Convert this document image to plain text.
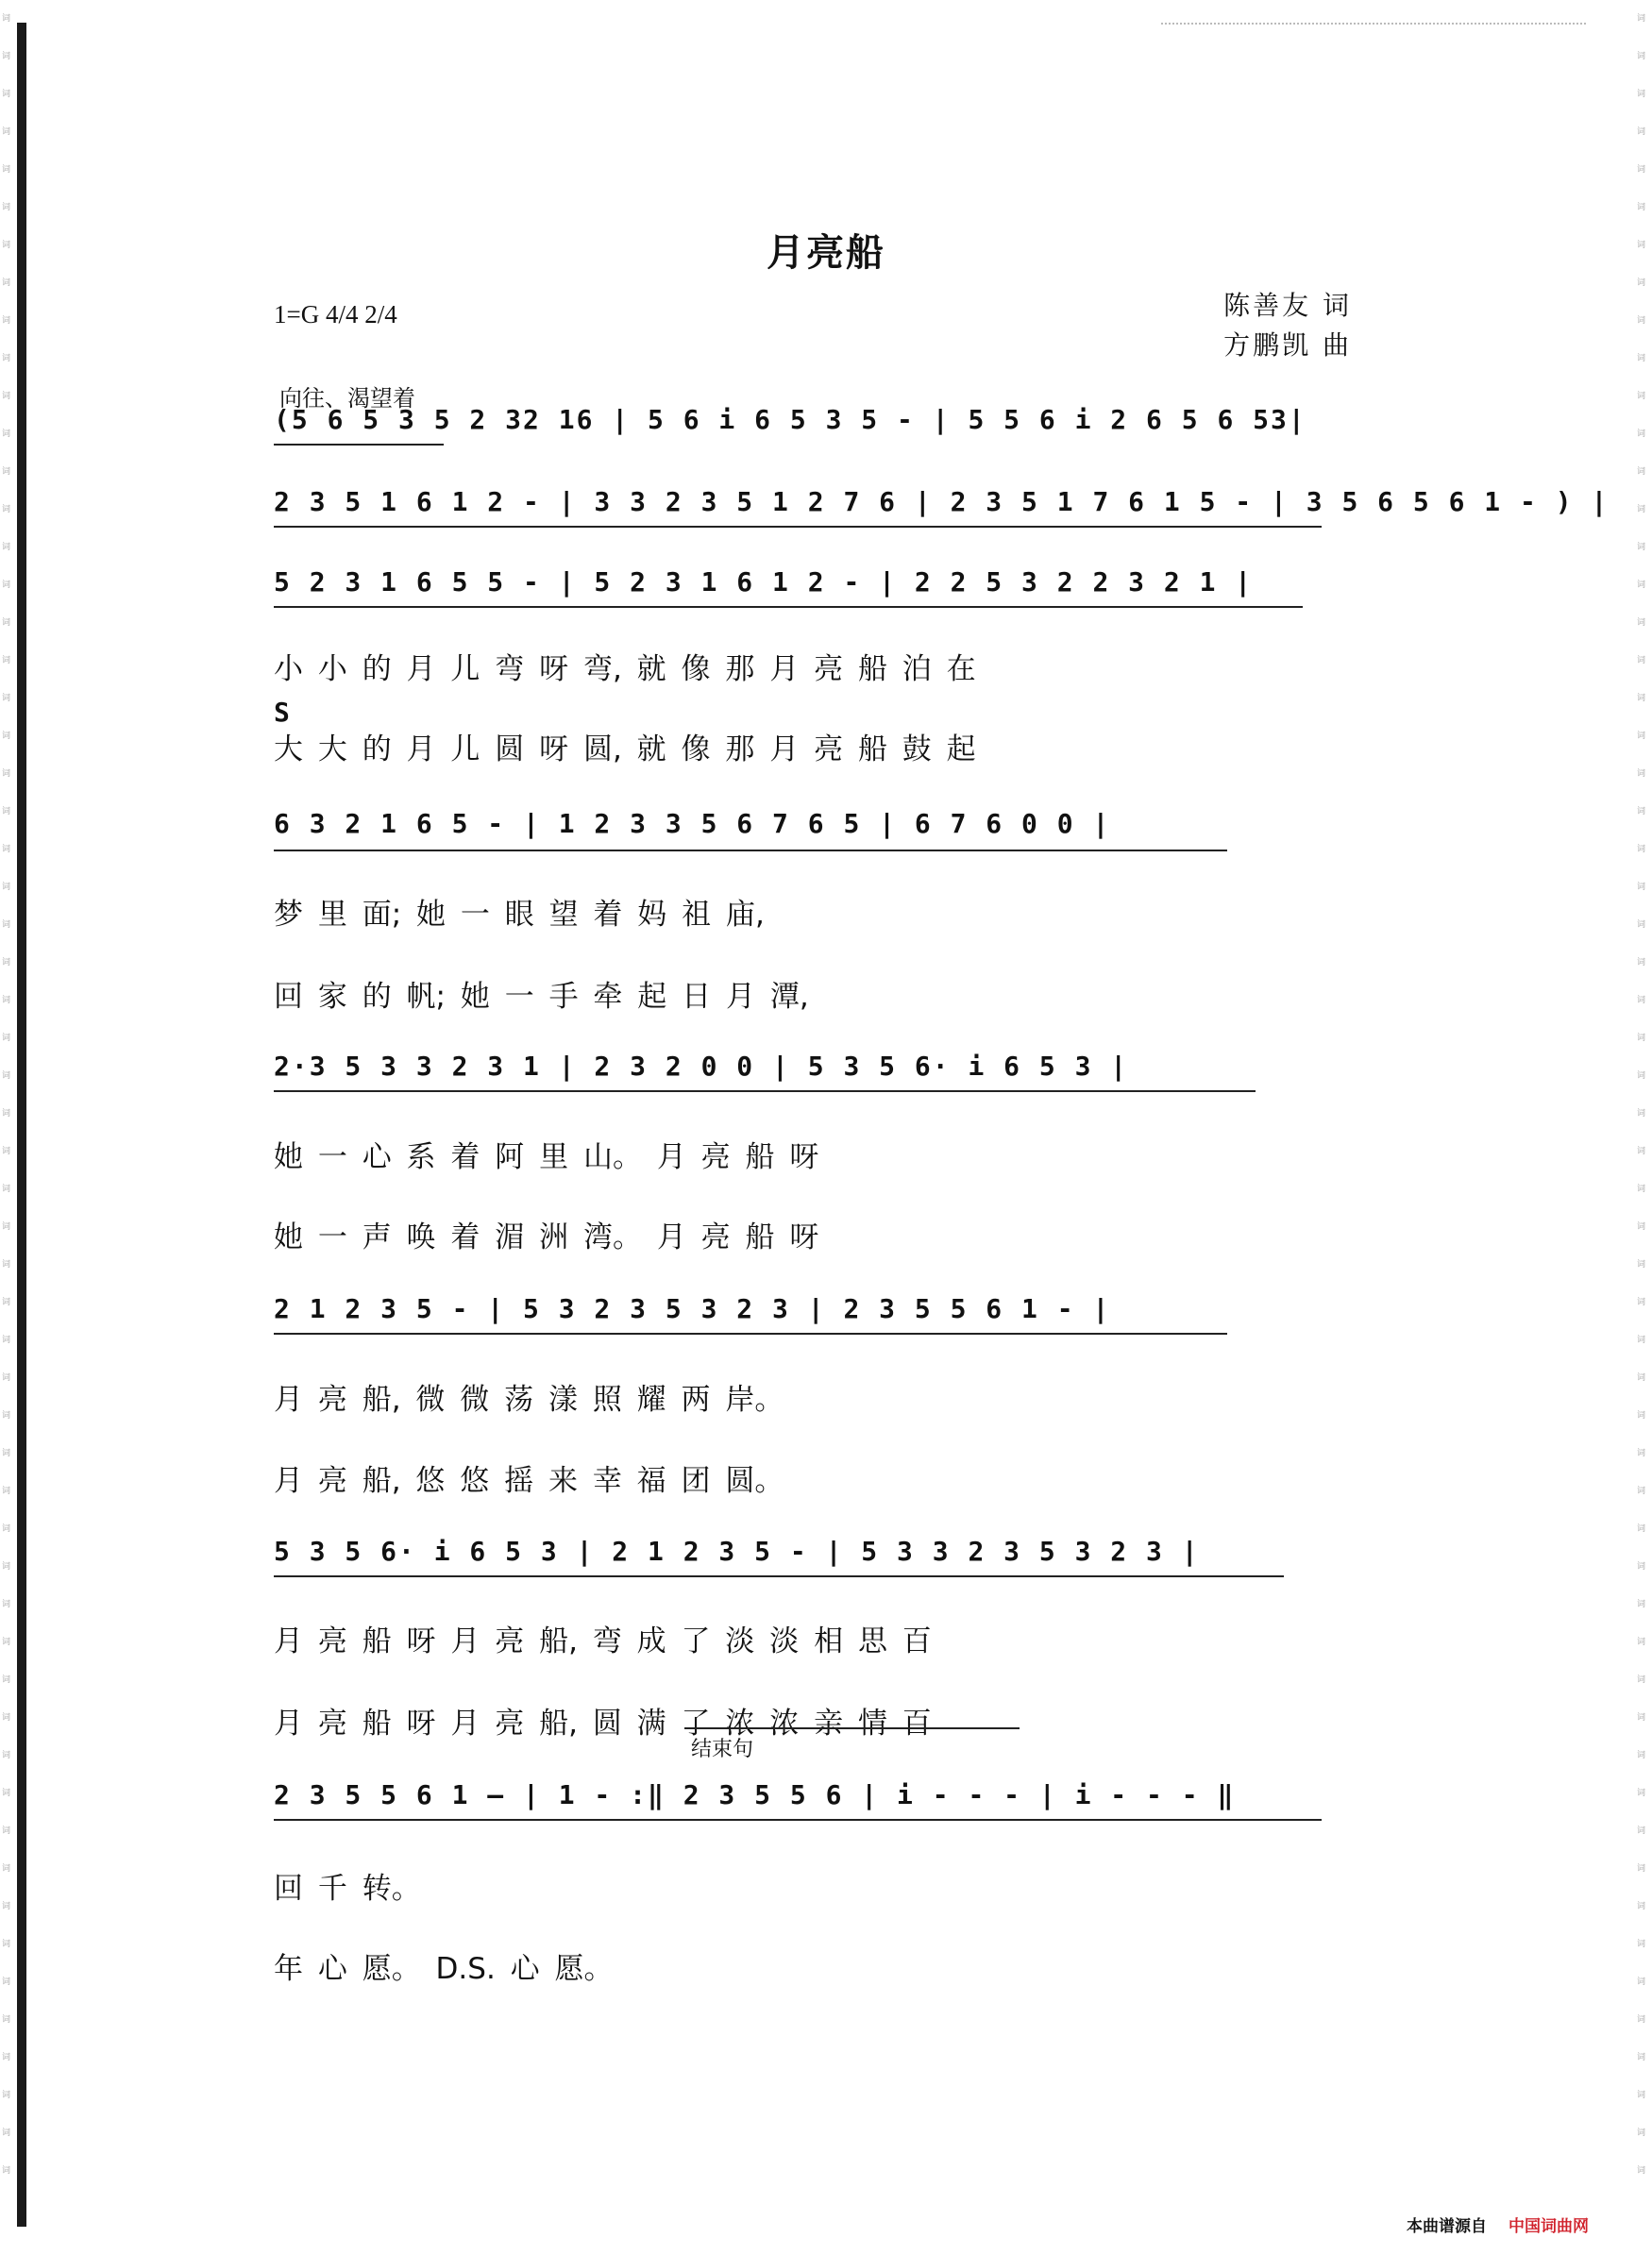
词
词
词
词
词
词
词
词
词
词
词
词
词
词
词
词
词
词
词
词
词
词
词
词
词
词
词
词
词
词
词
词
词
词
词
词
词
词
词
词
词
词
词
词
词
词
词
词
词
词
词
词
词
词
词
词
词
词
词
词
词
词
词
词
词
词
词
词
词
词
词
词
词
词
词
词
词
词
词
词
词
词
词
词
词
词
词
词
词
词
词
词
词
词
词
词
词
词
词
词
词
词
词
词
词
词
词
词
词
词
词
词
词
词
词
词
月亮船
1=G 4/4 2/4	陈善友 词
方鹏凯 曲
向往、渴望着
(5 6 5 3 5 2 32 16 | 5 6 i 6 5 3 5 - | 5 5 6 i 2 6 5 6 53|
2 3 5 1 6 1 2 - | 3 3 2 3 5 1 2 7 6 | 2 3 5 1 7 6 1 5 - | 3 5 6 5 6 1 - ) |
5 2 3 1 6 5 5 - | 5 2 3 1 6 1 2 - | 2 2 5 3 2 2 3 2 1 |
小 小 的 月 儿 弯 呀 弯, 就 像 那 月 亮 船 泊 在
大 大 的 月 儿 圆 呀 圆, 就 像 那 月 亮 船 鼓 起
6 3 2 1 6 5 - | 1 2 3 3 5 6 7 6 5 | 6 7 6 0 0 |
梦 里 面; 她 一 眼 望 着 妈 祖 庙,
回 家 的 帆; 她 一 手 牵 起 日 月 潭,
2·3 5 3 3 2 3 1 | 2 3 2 0 0 | 5 3 5 6· i 6 5 3 |
她 一 心 系 着 阿 里 山。 月 亮 船 呀
她 一 声 唤 着 湄 洲 湾。 月 亮 船 呀
2 1 2 3 5 - | 5 3 2 3 5 3 2 3 | 2 3 5 5 6 1 - |
月 亮 船, 微 微 荡 漾 照 耀 两 岸。
月 亮 船, 悠 悠 摇 来 幸 福 团 圆。
5 3 5 6· i 6 5 3 | 2 1 2 3 5 - | 5 3 3 2 3 5 3 2 3 |
月 亮 船 呀 月 亮 船, 弯 成 了 淡 淡 相 思 百
月 亮 船 呀 月 亮 船, 圆 满 了 浓 浓 亲 情 百
2 3 5 5 6 1 — | 1 - :‖ 2 3 5 5 6 | i - - - | i - - - ‖
回 千 转。
年 心 愿。 D.S. 心 愿。
S
结束句
本曲谱源自 中国词曲网
